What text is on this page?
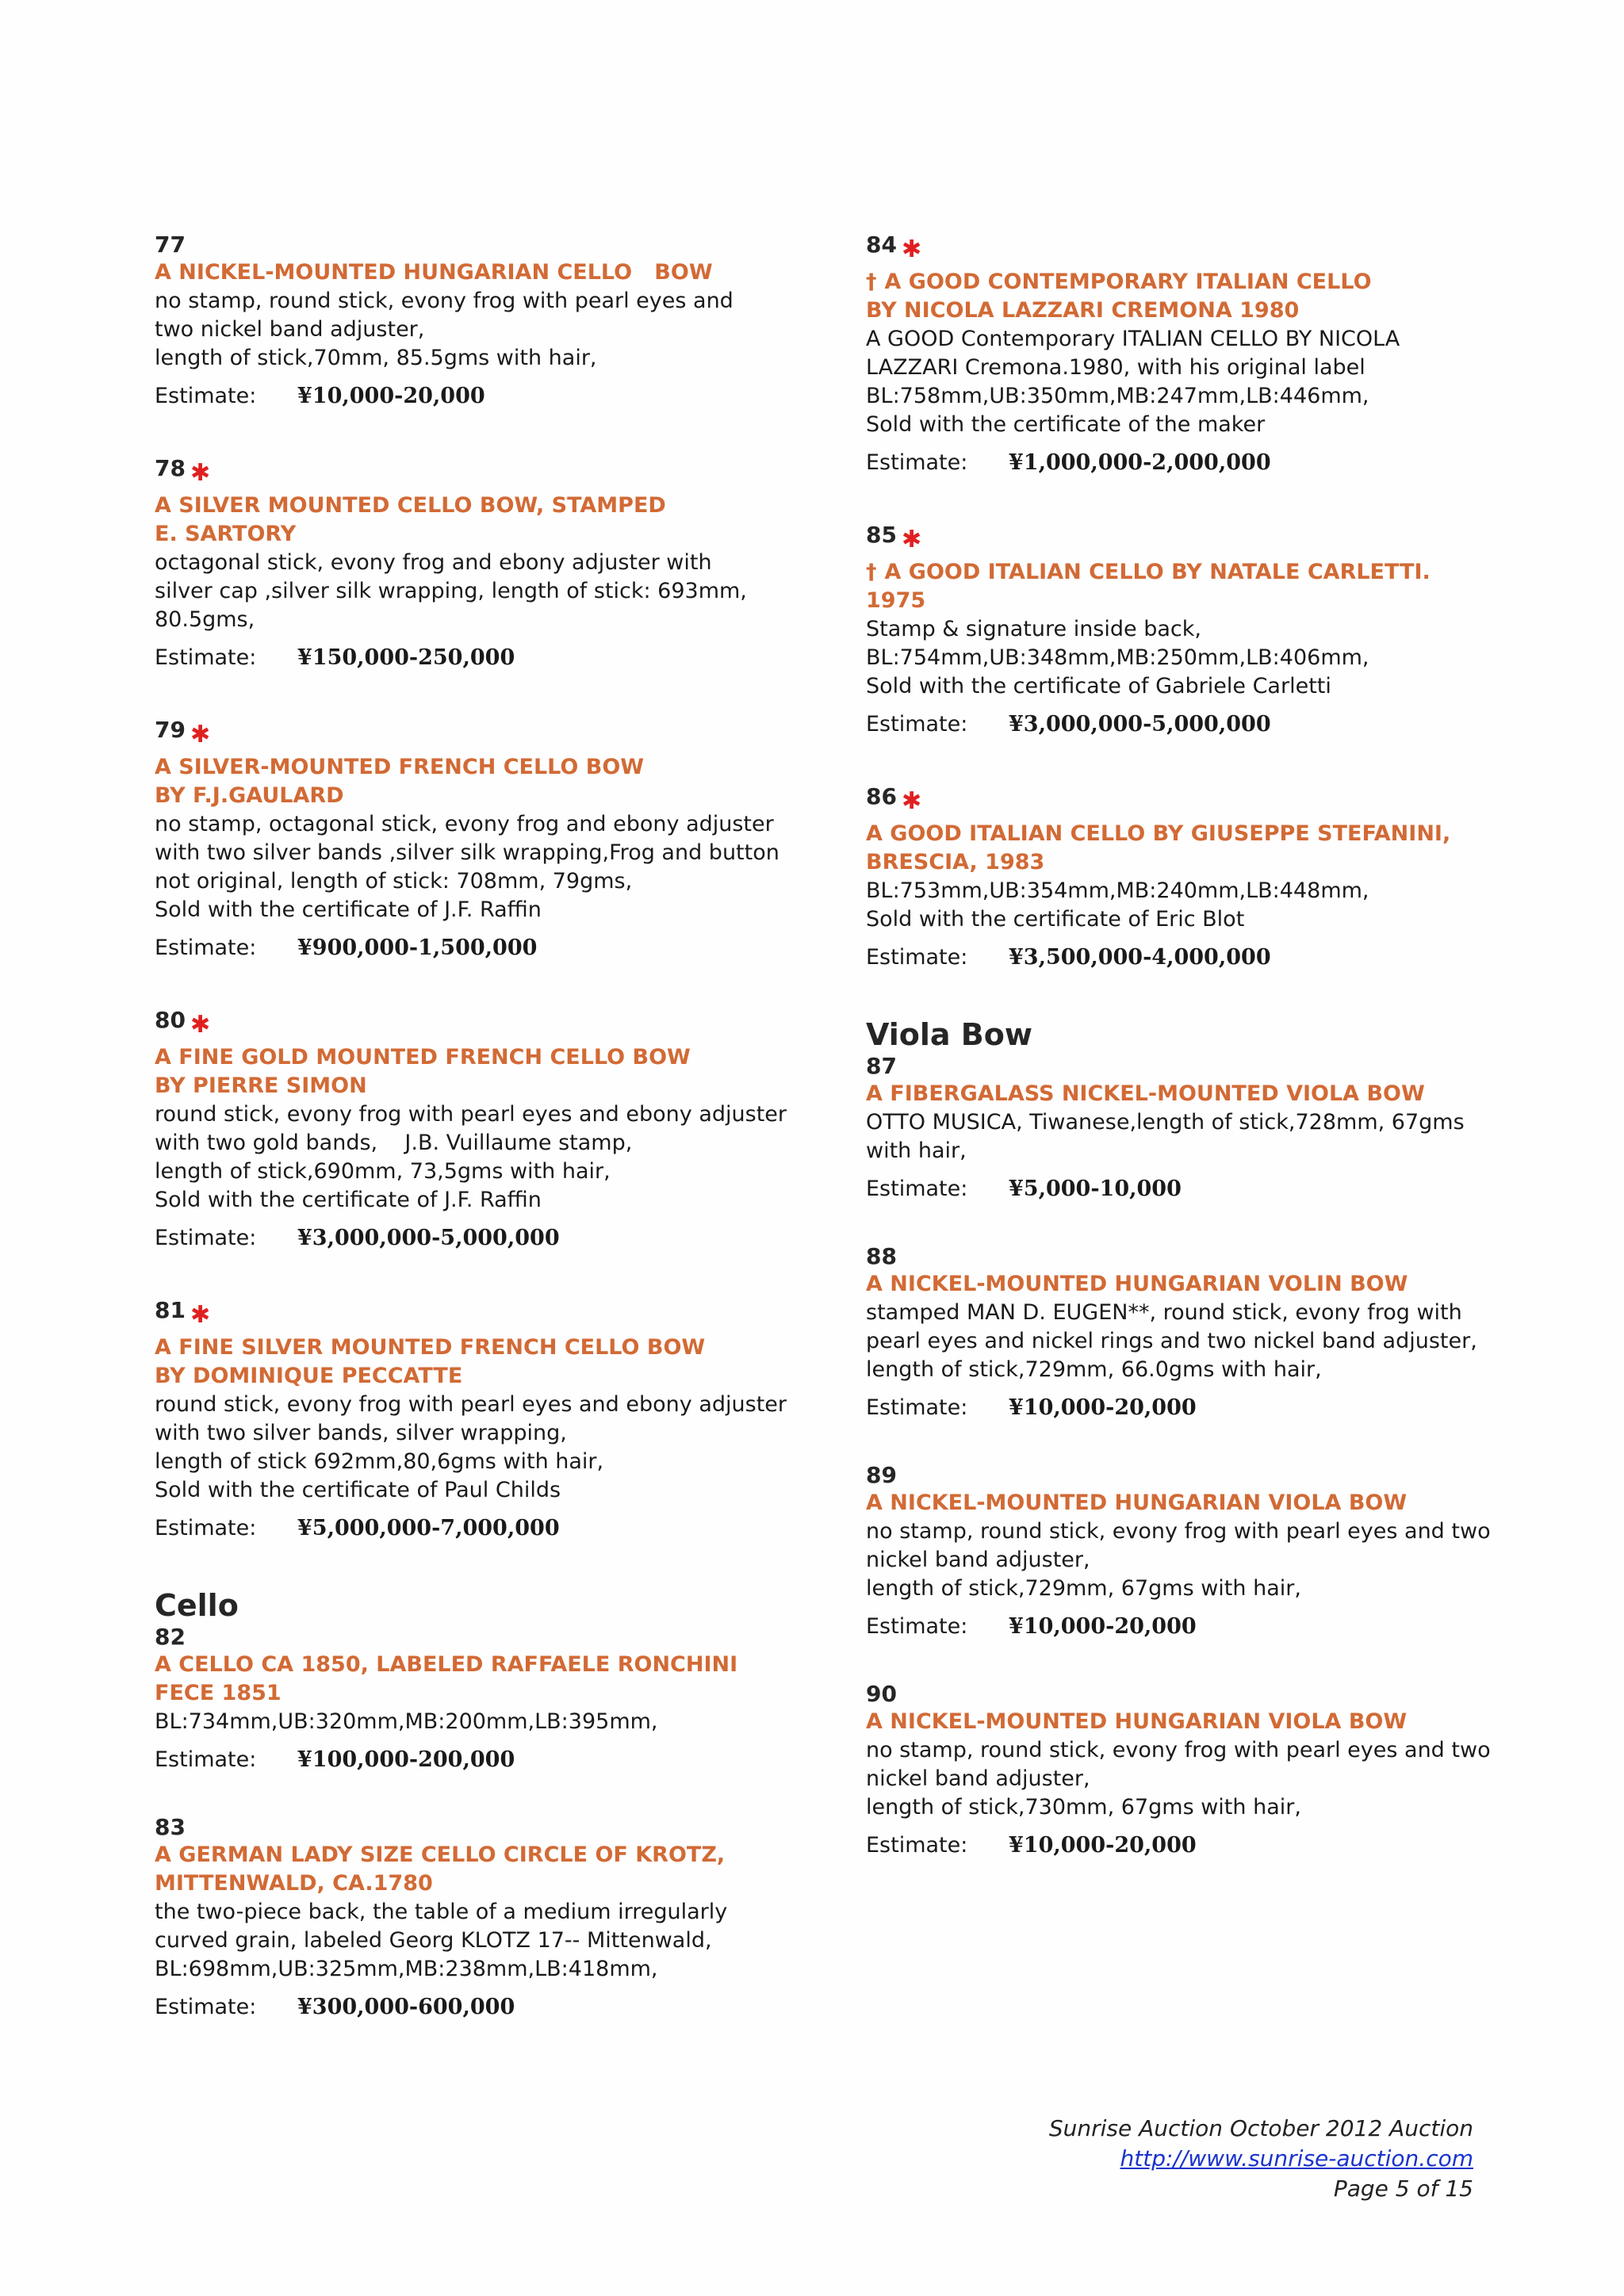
77
A NICKEL-MOUNTED HUNGARIAN CELLO   BOW
no stamp, round stick, evony frog with pearl eyes and
two nickel band adjuster,
length of stick,70mm, 85.5gms with hair,
Estimate:	¥10,000-20,000
78 ✱
A SILVER MOUNTED CELLO BOW, STAMPED
E. SARTORY
octagonal stick, evony frog and ebony adjuster with
silver cap ,silver silk wrapping, length of stick: 693mm,
80.5gms,
Estimate:	¥150,000-250,000
79 ✱
A SILVER-MOUNTED FRENCH CELLO BOW
BY F.J.GAULARD
no stamp, octagonal stick, evony frog and ebony adjuster
with two silver bands ,silver silk wrapping,Frog and button
not original, length of stick: 708mm, 79gms,
Sold with the certificate of J.F. Raffin
Estimate:	¥900,000-1,500,000
80 ✱
A FINE GOLD MOUNTED FRENCH CELLO BOW
BY PIERRE SIMON
round stick, evony frog with pearl eyes and ebony adjuster
with two gold bands,    J.B. Vuillaume stamp,
length of stick,690mm, 73,5gms with hair,
Sold with the certificate of J.F. Raffin
Estimate:	¥3,000,000-5,000,000
81 ✱
A FINE SILVER MOUNTED FRENCH CELLO BOW
BY DOMINIQUE PECCATTE
round stick, evony frog with pearl eyes and ebony adjuster
with two silver bands, silver wrapping,
length of stick 692mm,80,6gms with hair,
Sold with the certificate of Paul Childs
Estimate:	¥5,000,000-7,000,000
Cello
82
A CELLO CA 1850, LABELED RAFFAELE RONCHINI
FECE 1851
BL:734mm,UB:320mm,MB:200mm,LB:395mm,
Estimate:	¥100,000-200,000
83
A GERMAN LADY SIZE CELLO CIRCLE OF KROTZ,
MITTENWALD, CA.1780
the two-piece back, the table of a medium irregularly
curved grain, labeled Georg KLOTZ 17-- Mittenwald,
BL:698mm,UB:325mm,MB:238mm,LB:418mm,
Estimate:	¥300,000-600,000
84 ✱
† A GOOD CONTEMPORARY ITALIAN CELLO
BY NICOLA LAZZARI CREMONA 1980
A GOOD Contemporary ITALIAN CELLO BY NICOLA
LAZZARI Cremona.1980, with his original label
BL:758mm,UB:350mm,MB:247mm,LB:446mm,
Sold with the certificate of the maker
Estimate:	¥1,000,000-2,000,000
85 ✱
† A GOOD ITALIAN CELLO BY NATALE CARLETTI.
1975
Stamp & signature inside back,
BL:754mm,UB:348mm,MB:250mm,LB:406mm,
Sold with the certificate of Gabriele Carletti
Estimate:	¥3,000,000-5,000,000
86 ✱
A GOOD ITALIAN CELLO BY GIUSEPPE STEFANINI,
BRESCIA, 1983
BL:753mm,UB:354mm,MB:240mm,LB:448mm,
Sold with the certificate of Eric Blot
Estimate:	¥3,500,000-4,000,000
Viola Bow
87
A FIBERGALASS NICKEL-MOUNTED VIOLA BOW
OTTO MUSICA, Tiwanese,length of stick,728mm, 67gms
with hair,
Estimate:	¥5,000-10,000
88
A NICKEL-MOUNTED HUNGARIAN VOLIN BOW
stamped MAN D. EUGEN**, round stick, evony frog with
pearl eyes and nickel rings and two nickel band adjuster,
length of stick,729mm, 66.0gms with hair,
Estimate:	¥10,000-20,000
89
A NICKEL-MOUNTED HUNGARIAN VIOLA BOW
no stamp, round stick, evony frog with pearl eyes and two
nickel band adjuster,
length of stick,729mm, 67gms with hair,
Estimate:	¥10,000-20,000
90
A NICKEL-MOUNTED HUNGARIAN VIOLA BOW
no stamp, round stick, evony frog with pearl eyes and two
nickel band adjuster,
length of stick,730mm, 67gms with hair,
Estimate:	¥10,000-20,000
Sunrise Auction October 2012 Auction
http://www.sunrise-auction.com
Page 5 of 15
